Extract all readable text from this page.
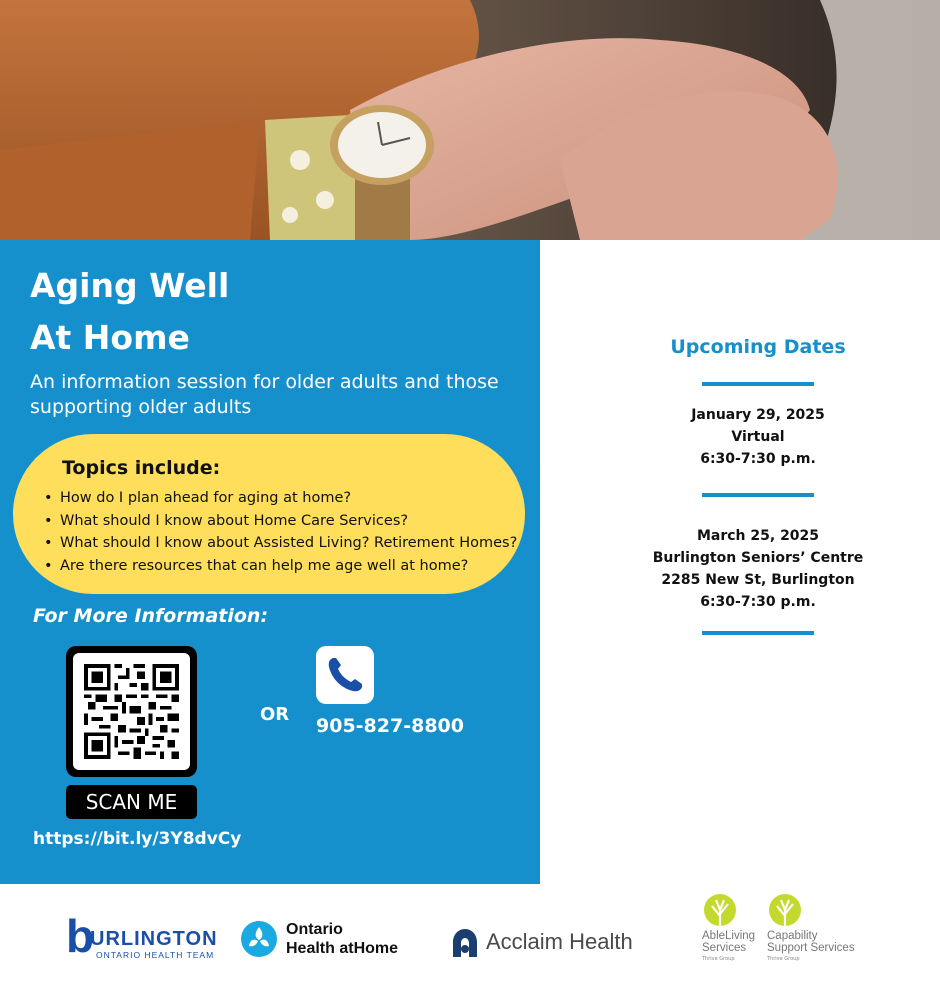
Aging Well
At Home

An information session for older adults and those supporting older adults

Topics include:
• How do I plan ahead for aging at home?
• What should I know about Home Care Services?
• What should I know about Assisted Living? Retirement Homes?
• Are there resources that can help me age well at home?
For More Information:
SCAN ME
https://bit.ly/3Y8dvCy
OR
905-827-8800
Upcoming Dates
January 29, 2025
Virtual
6:30-7:30 p.m.
March 25, 2025
Burlington Seniors’ Centre
2285 New St, Burlington
6:30-7:30 p.m.
b
URLINGTON
ONTARIO HEALTH TEAM
Ontario
Health atHome	Acclaim Health	AbleLiving
Services
Thrive Group
Capability
Support Services
Thrive Group
